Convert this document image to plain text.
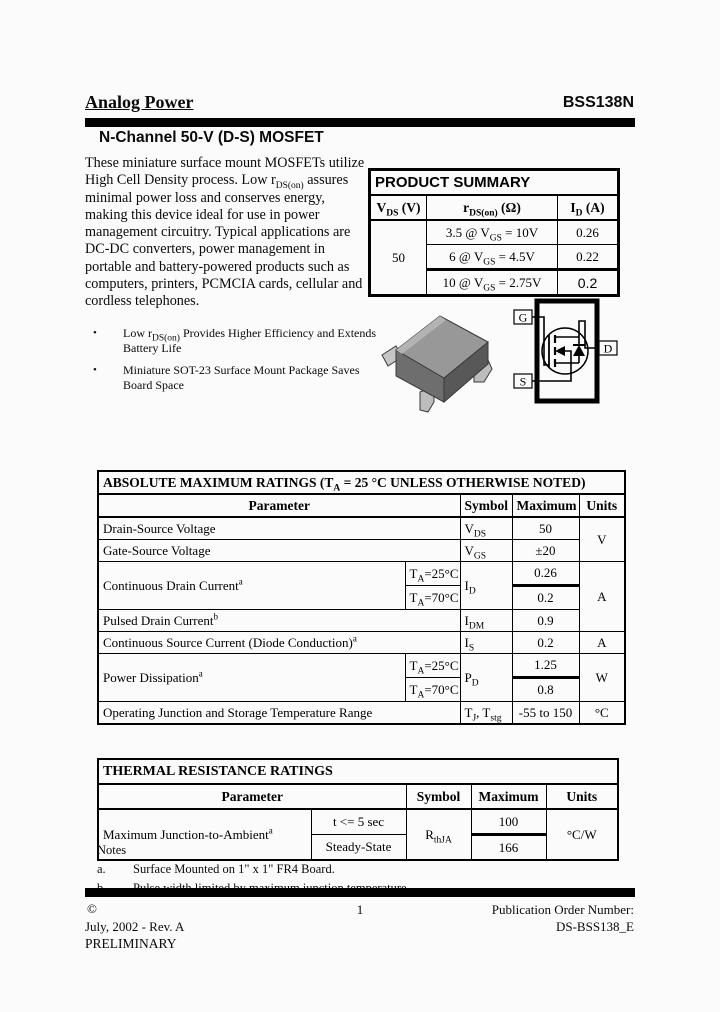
Analog Power	BSS138N
N-Channel 50-V (D-S) MOSFET
These miniature surface mount MOSFETs utilize High Cell Density process. Low $r_{DS(on)}$ assures minimal power loss and conserves energy, making this device ideal for use in power management circuitry. Typical applications are DC-DC converters, power management in portable and battery-powered products such as computers, printers, PCMCIA cards, cellular and cordless telephones.
•	Low $r_{DS(on)}$ Provides Higher Efficiency and Extends Battery Life
•	Miniature SOT-23 Surface Mount Package Saves Board Space
PRODUCT SUMMARY		
$V_{DS}$ (V)	$r_{DS(on)}$ (Ω)	$I_D$ (A)
50	3.5 @ $V_{GS} = 10V$	0.26
	6 @ $V_{GS} = 4.5V$	0.22
	10 @ $V_{GS} = 2.75V$	0.2
G
S
D
ABSOLUTE MAXIMUM RATINGS ($T_A = 25$ °C UNLESS OTHERWISE NOTED)				
Parameter		Symbol	Maximum	Units
Drain-Source Voltage		$V_{DS}$	50	V
Gate-Source Voltage		$V_{GS}$	±20	
Continuous Drain Current$^a$	$T_A=25^\circ C$	$I_D$	0.26	A
	$T_A=70^\circ C$		0.2	
Pulsed Drain Current$^b$		$I_{DM}$	0.9	
Continuous Source Current (Diode Conduction)$^a$		$I_S$	0.2	A
Power Dissipation$^a$	$T_A=25^\circ C$	$P_D$	1.25	W
	$T_A=70^\circ C$		0.8	
Operating Junction and Storage Temperature Range		$T_J$, $T_{stg}$	-55 to 150	°C
THERMAL RESISTANCE RATINGS				
Parameter		Symbol	Maximum	Units
Maximum Junction-to-Ambient$^a$	t <= 5 sec	$R_{thJA}$	100	°C/W
	Steady-State		166	
Notes
a.	Surface Mounted on 1" x 1" FR4 Board.
©
July, 2002 - Rev. A
PRELIMINARY
1	Publication Order Number:
DS-BSS138_E
